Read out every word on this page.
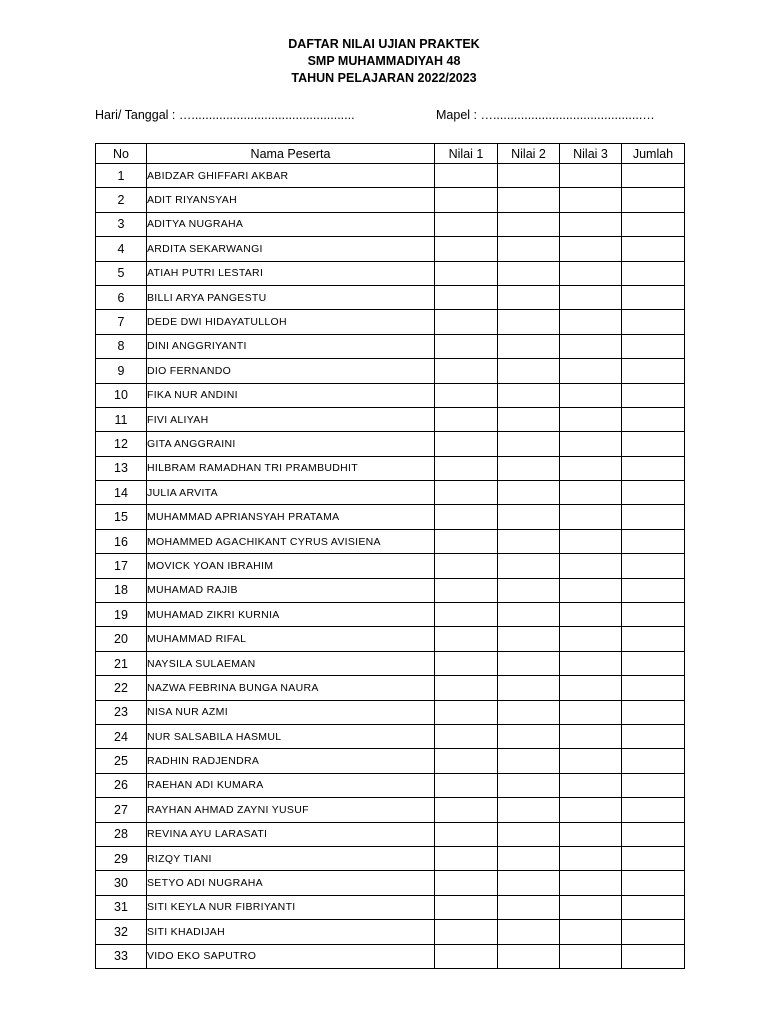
DAFTAR NILAI UJIAN PRAKTEK
SMP MUHAMMADIYAH 48
TAHUN PELAJARAN 2022/2023
Hari/ Tanggal : …...............................................	Mapel : …...........................................…
No	Nama Peserta	Nilai 1	Nilai 2	Nilai 3	Jumlah
1	ABIDZAR GHIFFARI AKBAR				
2	ADIT RIYANSYAH				
3	ADITYA NUGRAHA				
4	ARDITA SEKARWANGI				
5	ATIAH PUTRI LESTARI				
6	BILLI ARYA PANGESTU				
7	DEDE DWI HIDAYATULLOH				
8	DINI ANGGRIYANTI				
9	DIO FERNANDO				
10	FIKA NUR ANDINI				
11	FIVI ALIYAH				
12	GITA ANGGRAINI				
13	HILBRAM RAMADHAN TRI PRAMBUDHIT				
14	JULIA ARVITA				
15	MUHAMMAD APRIANSYAH PRATAMA				
16	MOHAMMED AGACHIKANT CYRUS AVISIENA				
17	MOVICK YOAN IBRAHIM				
18	MUHAMAD RAJIB				
19	MUHAMAD ZIKRI KURNIA				
20	MUHAMMAD RIFAL				
21	NAYSILA SULAEMAN				
22	NAZWA FEBRINA BUNGA NAURA				
23	NISA NUR AZMI				
24	NUR SALSABILA HASMUL				
25	RADHIN RADJENDRA				
26	RAEHAN ADI KUMARA				
27	RAYHAN AHMAD ZAYNI YUSUF				
28	REVINA AYU LARASATI				
29	RIZQY TIANI				
30	SETYO ADI NUGRAHA				
31	SITI KEYLA NUR FIBRIYANTI				
32	SITI KHADIJAH				
33	VIDO EKO SAPUTRO				
